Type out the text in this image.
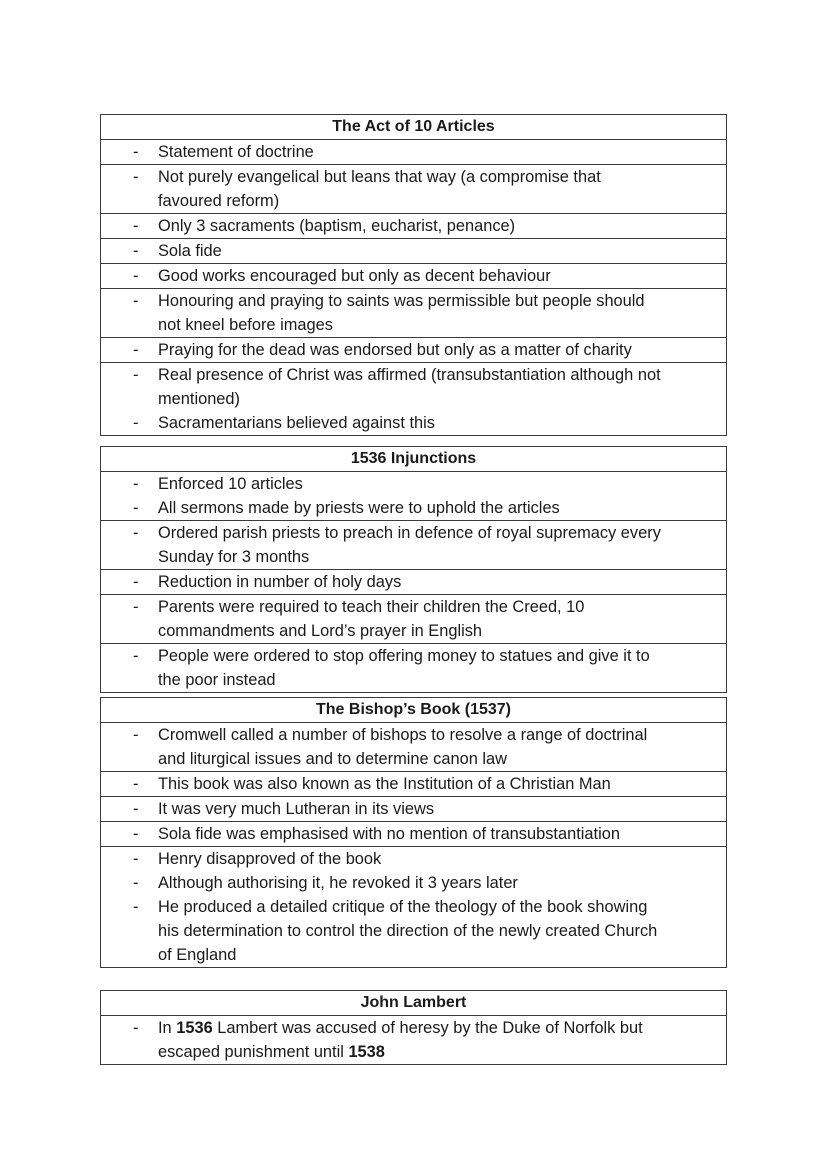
The Act of 10 Articles
- Statement of doctrine
- Not purely evangelical but leans that way (a compromise that
favoured reform)
- Only 3 sacraments (baptism, eucharist, penance)
- Sola fide
- Good works encouraged but only as decent behaviour
- Honouring and praying to saints was permissible but people should
not kneel before images
- Praying for the dead was endorsed but only as a matter of charity
- Real presence of Christ was affirmed (transubstantiation although not
mentioned)
- Sacramentarians believed against this
1536 Injunctions
- Enforced 10 articles
- All sermons made by priests were to uphold the articles
- Ordered parish priests to preach in defence of royal supremacy every
Sunday for 3 months
- Reduction in number of holy days
- Parents were required to teach their children the Creed, 10
commandments and Lord’s prayer in English
- People were ordered to stop offering money to statues and give it to
the poor instead
The Bishop’s Book (1537)
- Cromwell called a number of bishops to resolve a range of doctrinal
and liturgical issues and to determine canon law
- This book was also known as the Institution of a Christian Man
- It was very much Lutheran in its views
- Sola fide was emphasised with no mention of transubstantiation
- Henry disapproved of the book
- Although authorising it, he revoked it 3 years later
- He produced a detailed critique of the theology of the book showing
his determination to control the direction of the newly created Church
of England
John Lambert
- In 1536 Lambert was accused of heresy by the Duke of Norfolk but
escaped punishment until 1538
